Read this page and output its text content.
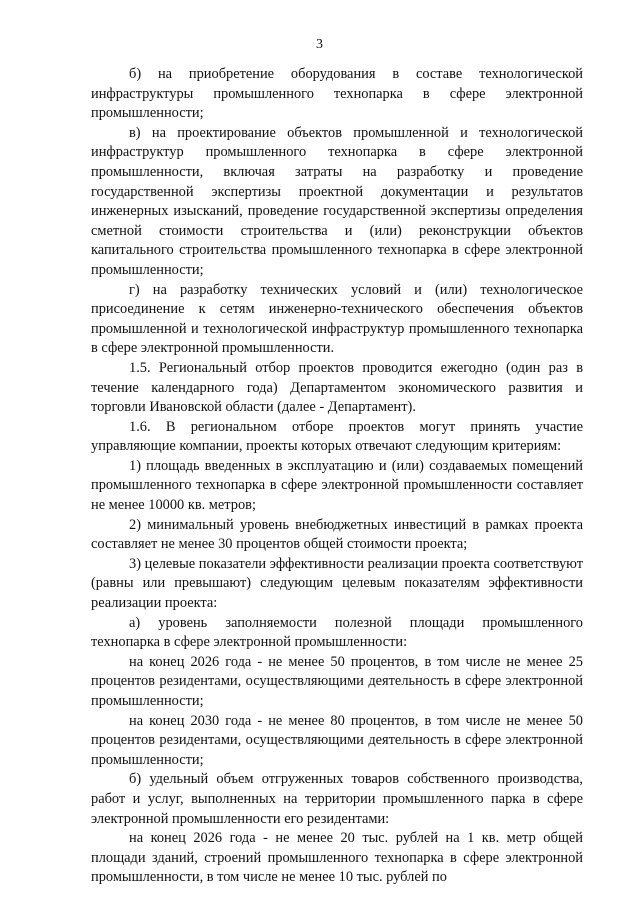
3

б) на приобретение оборудования в составе технологической инфраструктуры промышленного технопарка в сфере электронной промышленности;

в) на проектирование объектов промышленной и технологической инфраструктур промышленного технопарка в сфере электронной промышленности, включая затраты на разработку и проведение государственной экспертизы проектной документации и результатов инженерных изысканий, проведение государственной экспертизы определения сметной стоимости строительства и (или) реконструкции объектов капитального строительства промышленного технопарка в сфере электронной промышленности;

г) на разработку технических условий и (или) технологическое присоединение к сетям инженерно-технического обеспечения объектов промышленной и технологической инфраструктур промышленного технопарка в сфере электронной промышленности.

1.5. Региональный отбор проектов проводится ежегодно (один раз в течение календарного года) Департаментом экономического развития и торговли Ивановской области (далее - Департамент).

1.6. В региональном отборе проектов могут принять участие управляющие компании, проекты которых отвечают следующим критериям:

1) площадь введенных в эксплуатацию и (или) создаваемых помещений промышленного технопарка в сфере электронной промышленности составляет не менее 10000 кв. метров;

2) минимальный уровень внебюджетных инвестиций в рамках проекта составляет не менее 30 процентов общей стоимости проекта;

3) целевые показатели эффективности реализации проекта соответствуют (равны или превышают) следующим целевым показателям эффективности реализации проекта:

а) уровень заполняемости полезной площади промышленного технопарка в сфере электронной промышленности:

на конец 2026 года - не менее 50 процентов, в том числе не менее 25 процентов резидентами, осуществляющими деятельность в сфере электронной промышленности;

на конец 2030 года - не менее 80 процентов, в том числе не менее 50 процентов резидентами, осуществляющими деятельность в сфере электронной промышленности;

б) удельный объем отгруженных товаров собственного производства, работ и услуг, выполненных на территории промышленного парка в сфере электронной промышленности его резидентами:

на конец 2026 года - не менее 20 тыс. рублей на 1 кв. метр общей площади зданий, строений промышленного технопарка в сфере электронной промышленности, в том числе не менее 10 тыс. рублей по
